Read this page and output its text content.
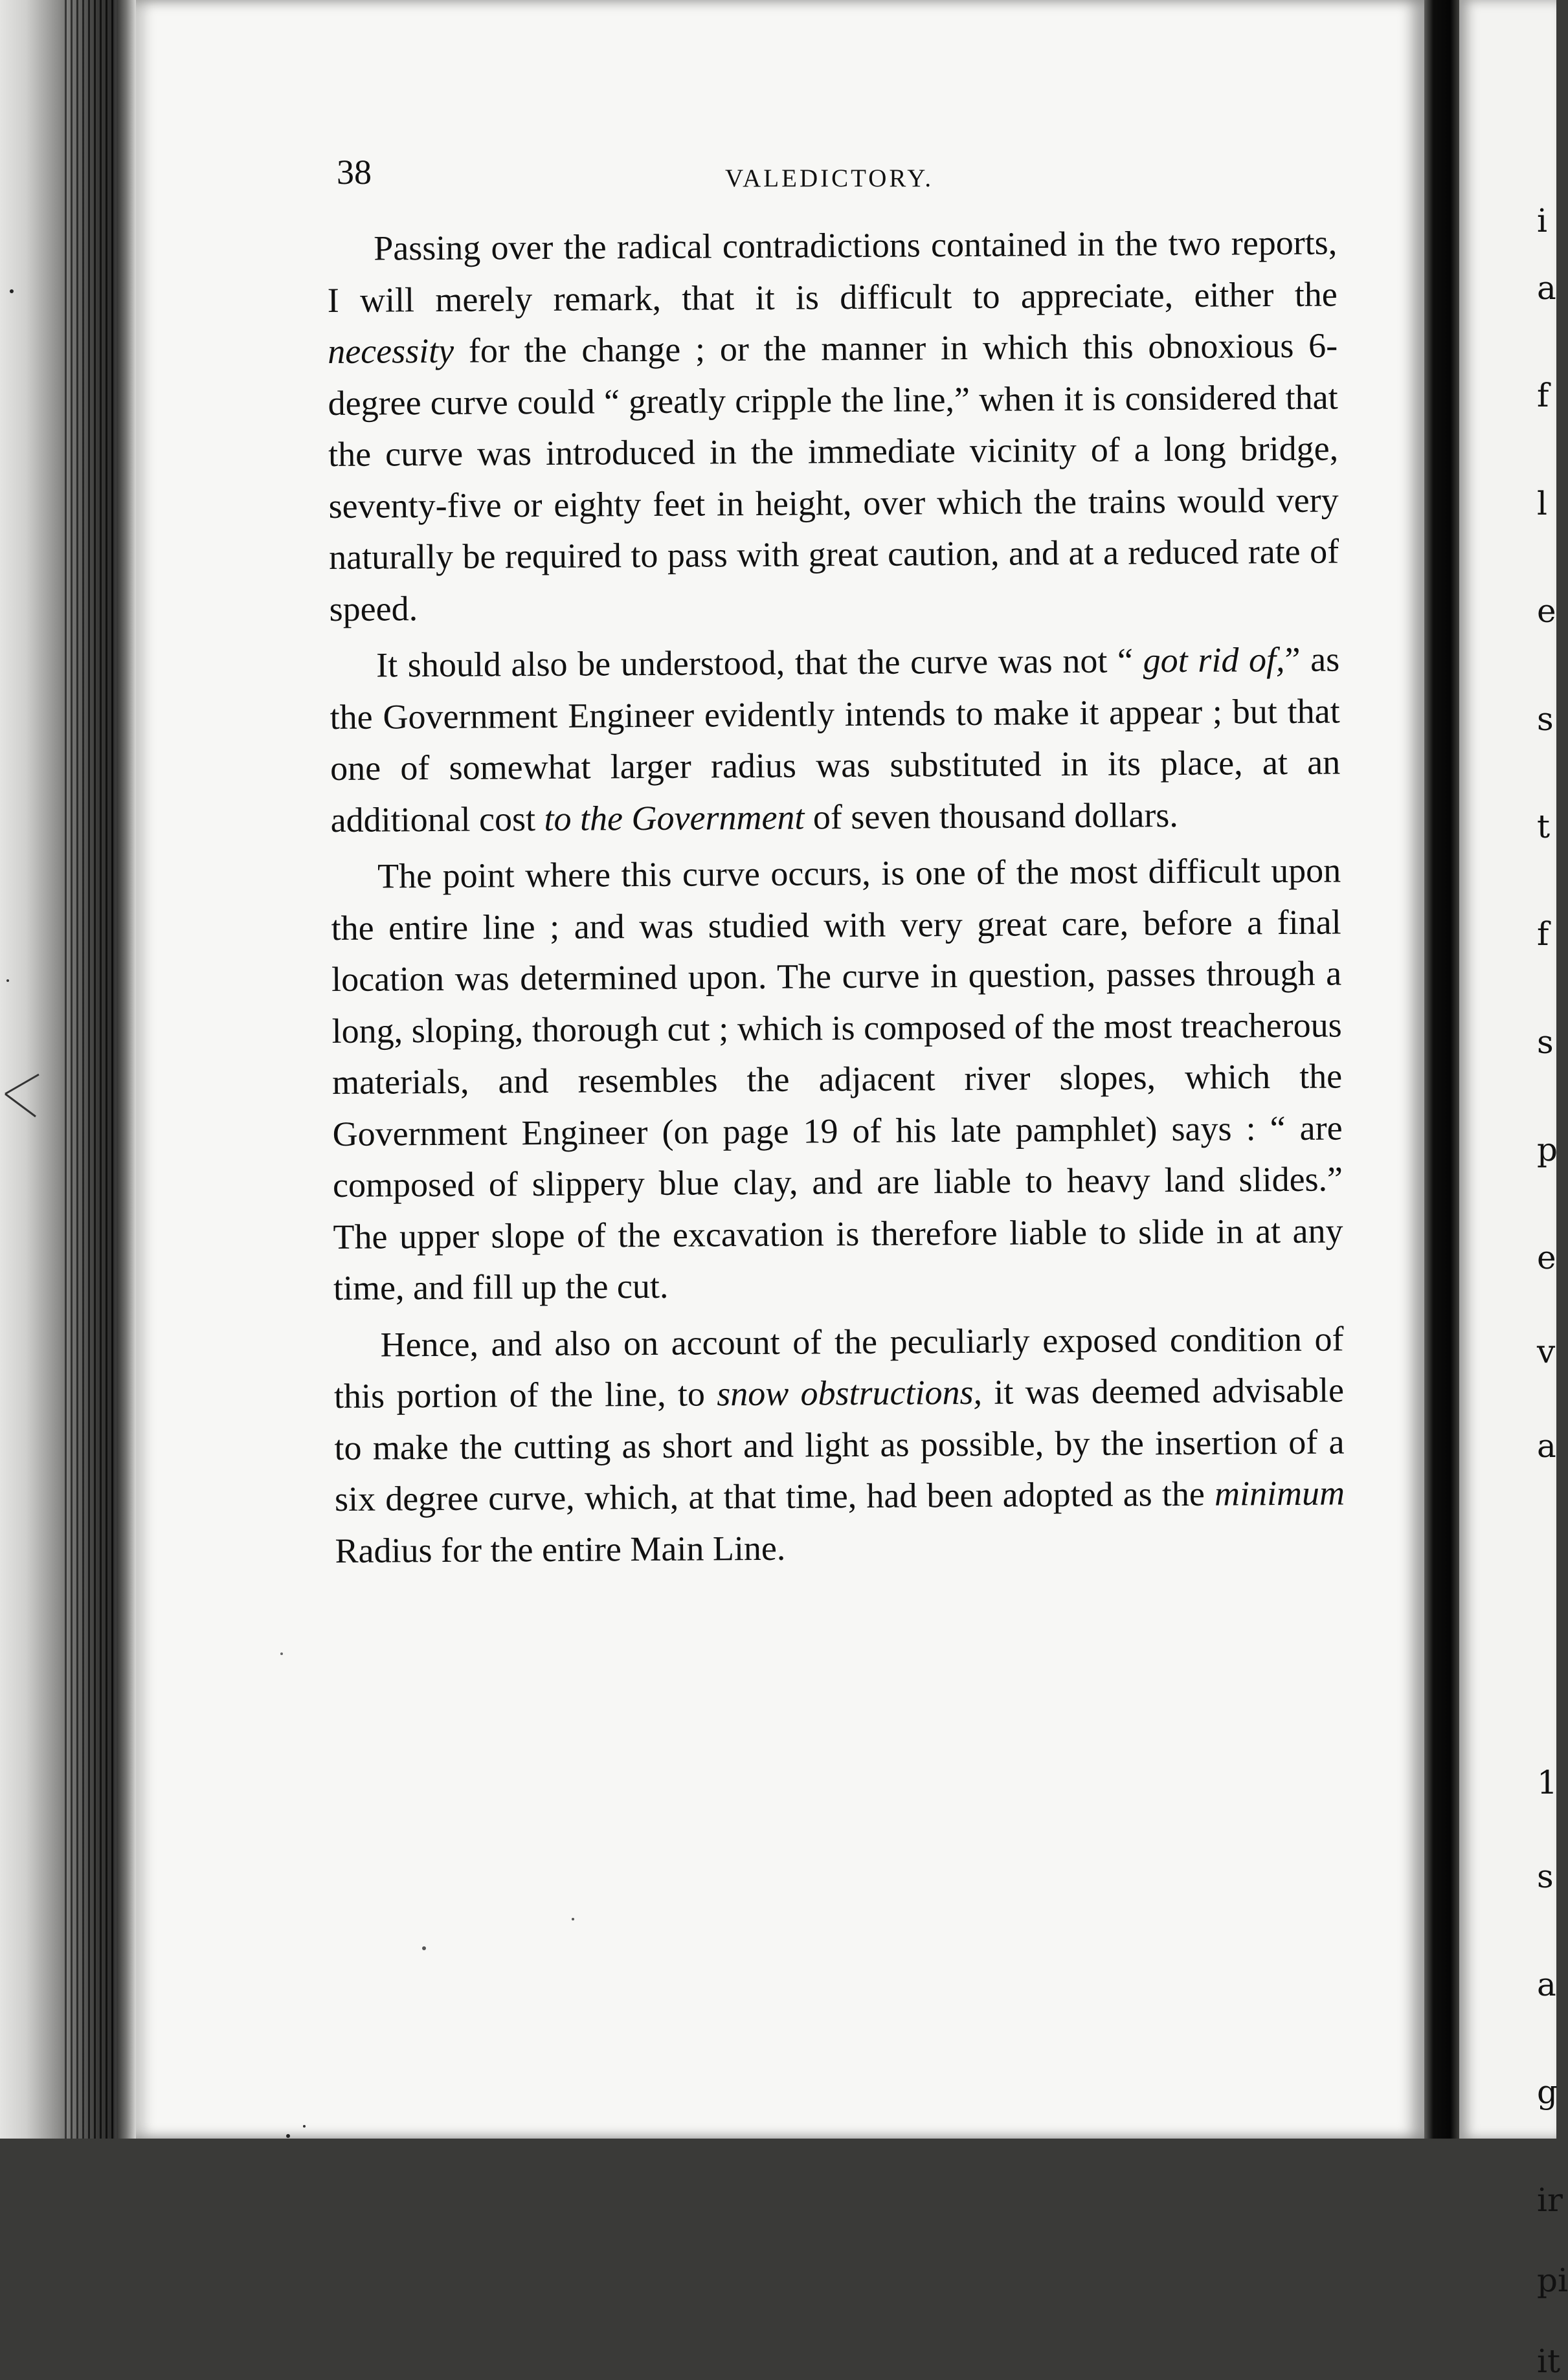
i
a
f
l
e
s
t
f
s
p
e
v
a
1
s
a
g
ir
pi
it
38	VALEDICTORY.

Passing over the radical contradictions contained in the two reports, I will merely remark, that it is difficult to appreciate, either the necessity for the change ; or the manner in which this obnoxious 6-degree curve could “ greatly cripple the line,” when it is considered that the curve was introduced in the immediate vicinity of a long bridge, seventy-five or eighty feet in height, over which the trains would very naturally be required to pass with great caution, and at a reduced rate of speed.

It should also be understood, that the curve was not “ got rid of,” as the Government Engineer evidently intends to make it appear ; but that one of somewhat larger radius was substituted in its place, at an additional cost to the Government of seven thousand dollars.

The point where this curve occurs, is one of the most difficult upon the entire line ; and was studied with very great care, before a final location was determined upon. The curve in question, passes through a long, sloping, thorough cut ; which is composed of the most treacherous materials, and resembles the adjacent river slopes, which the Government Engineer (on page 19 of his late pamphlet) says : “ are composed of slippery blue clay, and are liable to heavy land slides.” The upper slope of the excavation is therefore liable to slide in at any time, and fill up the cut.

Hence, and also on account of the peculiarly exposed condition of this portion of the line, to snow obstructions, it was deemed advisable to make the cutting as short and light as possible, by the insertion of a six degree curve, which, at that time, had been adopted as the minimum Radius for the entire Main Line.
